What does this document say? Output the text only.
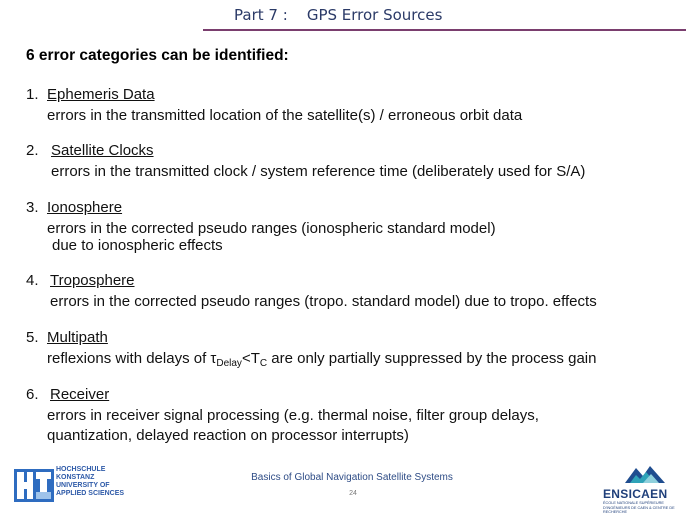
Part 7 :    GPS Error Sources
6 error categories can be identified:
1. Ephemeris Data
errors in the transmitted location of the satellite(s) / erroneous orbit data
2. Satellite Clocks
errors in the transmitted clock / system reference time (deliberately used for S/A)
3. Ionosphere
errors in the corrected pseudo ranges (ionospheric standard model)
due to ionospheric effects
4. Troposphere
errors in the corrected pseudo ranges (tropo. standard model) due to tropo. effects
5. Multipath
reflexions with delays of $\tau_{Delay}<T_C$ are only partially suppressed by the process gain
6. Receiver
errors in receiver signal processing (e.g. thermal noise, filter group delays,
quantization, delayed reaction on processor interrupts)
HOCHSCHULE
KONSTANZ
UNIVERSITY OF
APPLIED SCIENCES
Basics of Global Navigation Satellite Systems
24	ENSICAEN
ÉCOLE NATIONALE SUPÉRIEURE D'INGÉNIEURS DE CAEN & CENTRE DE RECHERCHE
